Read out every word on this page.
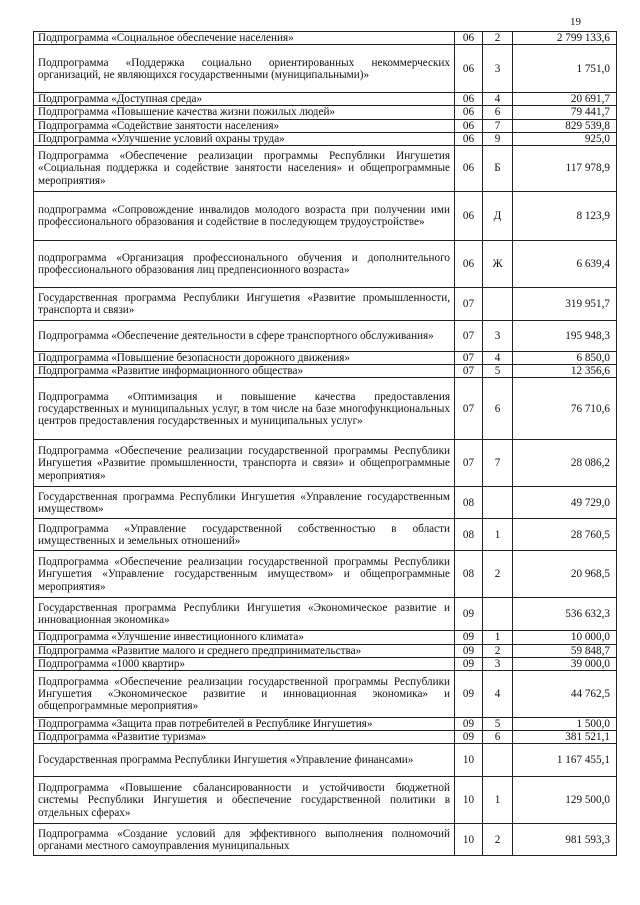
19
Подпрограмма «Социальное обеспечение населения»	06	2	2 799 133,6
Подпрограмма «Поддержка социально ориентированных некоммерческих организаций, не являющихся государственными (муниципальными)»	06	3	1 751,0
Подпрограмма «Доступная среда»	06	4	20 691,7
Подпрограмма «Повышение качества жизни пожилых людей»	06	6	79 441,7
Подпрограмма «Содействие занятости населения»	06	7	829 539,8
Подпрограмма «Улучшение условий охраны труда»	06	9	925,0
Подпрограмма «Обеспечение реализации программы Республики Ингушетия «Социальная поддержка и содействие занятости населения» и общепрограммные мероприятия»	06	Б	117 978,9
подпрограмма «Сопровождение инвалидов молодого возраста при получении ими профессионального образования и содействие в последующем трудоустройстве»	06	Д	8 123,9
подпрограмма «Организация профессионального обучения и дополнительного профессионального образования лиц предпенсионного возраста»	06	Ж	6 639,4
Государственная программа Республики Ингушетия «Развитие промышленности, транспорта и связи»	07		319 951,7
Подпрограмма «Обеспечение деятельности в сфере транспортного обслуживания»	07	3	195 948,3
Подпрограмма «Повышение безопасности дорожного движения»	07	4	6 850,0
Подпрограмма «Развитие информационного общества»	07	5	12 356,6
Подпрограмма «Оптимизация и повышение качества предоставления государственных и муниципальных услуг, в том числе на базе многофункциональных центров предоставления государственных и муниципальных услуг»	07	6	76 710,6
Подпрограмма «Обеспечение реализации государственной программы Республики Ингушетия «Развитие промышленности, транспорта и связи» и общепрограммные мероприятия»	07	7	28 086,2
Государственная программа Республики Ингушетия «Управление государственным имуществом»	08		49 729,0
Подпрограмма «Управление государственной собственностью в области имущественных и земельных отношений»	08	1	28 760,5
Подпрограмма «Обеспечение реализации государственной программы Республики Ингушетия «Управление государственным имуществом» и общепрограммные мероприятия»	08	2	20 968,5
Государственная программа Республики Ингушетия «Экономическое развитие и инновационная экономика»	09		536 632,3
Подпрограмма «Улучшение инвестиционного климата»	09	1	10 000,0
Подпрограмма «Развитие малого и среднего предпринимательства»	09	2	59 848,7
Подпрограмма «1000 квартир»	09	3	39 000,0
Подпрограмма «Обеспечение реализации государственной программы Республики Ингушетия «Экономическое развитие и инновационная экономика» и общепрограммные мероприятия»	09	4	44 762,5
Подпрограмма «Защита прав потребителей в Республике Ингушетия»	09	5	1 500,0
Подпрограмма «Развитие туризма»	09	6	381 521,1
Государственная программа Республики Ингушетия «Управление финансами»	10		1 167 455,1
Подпрограмма «Повышение сбалансированности и устойчивости бюджетной системы Республики Ингушетия и обеспечение государственной политики в отдельных сферах»	10	1	129 500,0
Подпрограмма «Создание условий для эффективного выполнения полномочий органами местного самоуправления муниципальных	10	2	981 593,3
